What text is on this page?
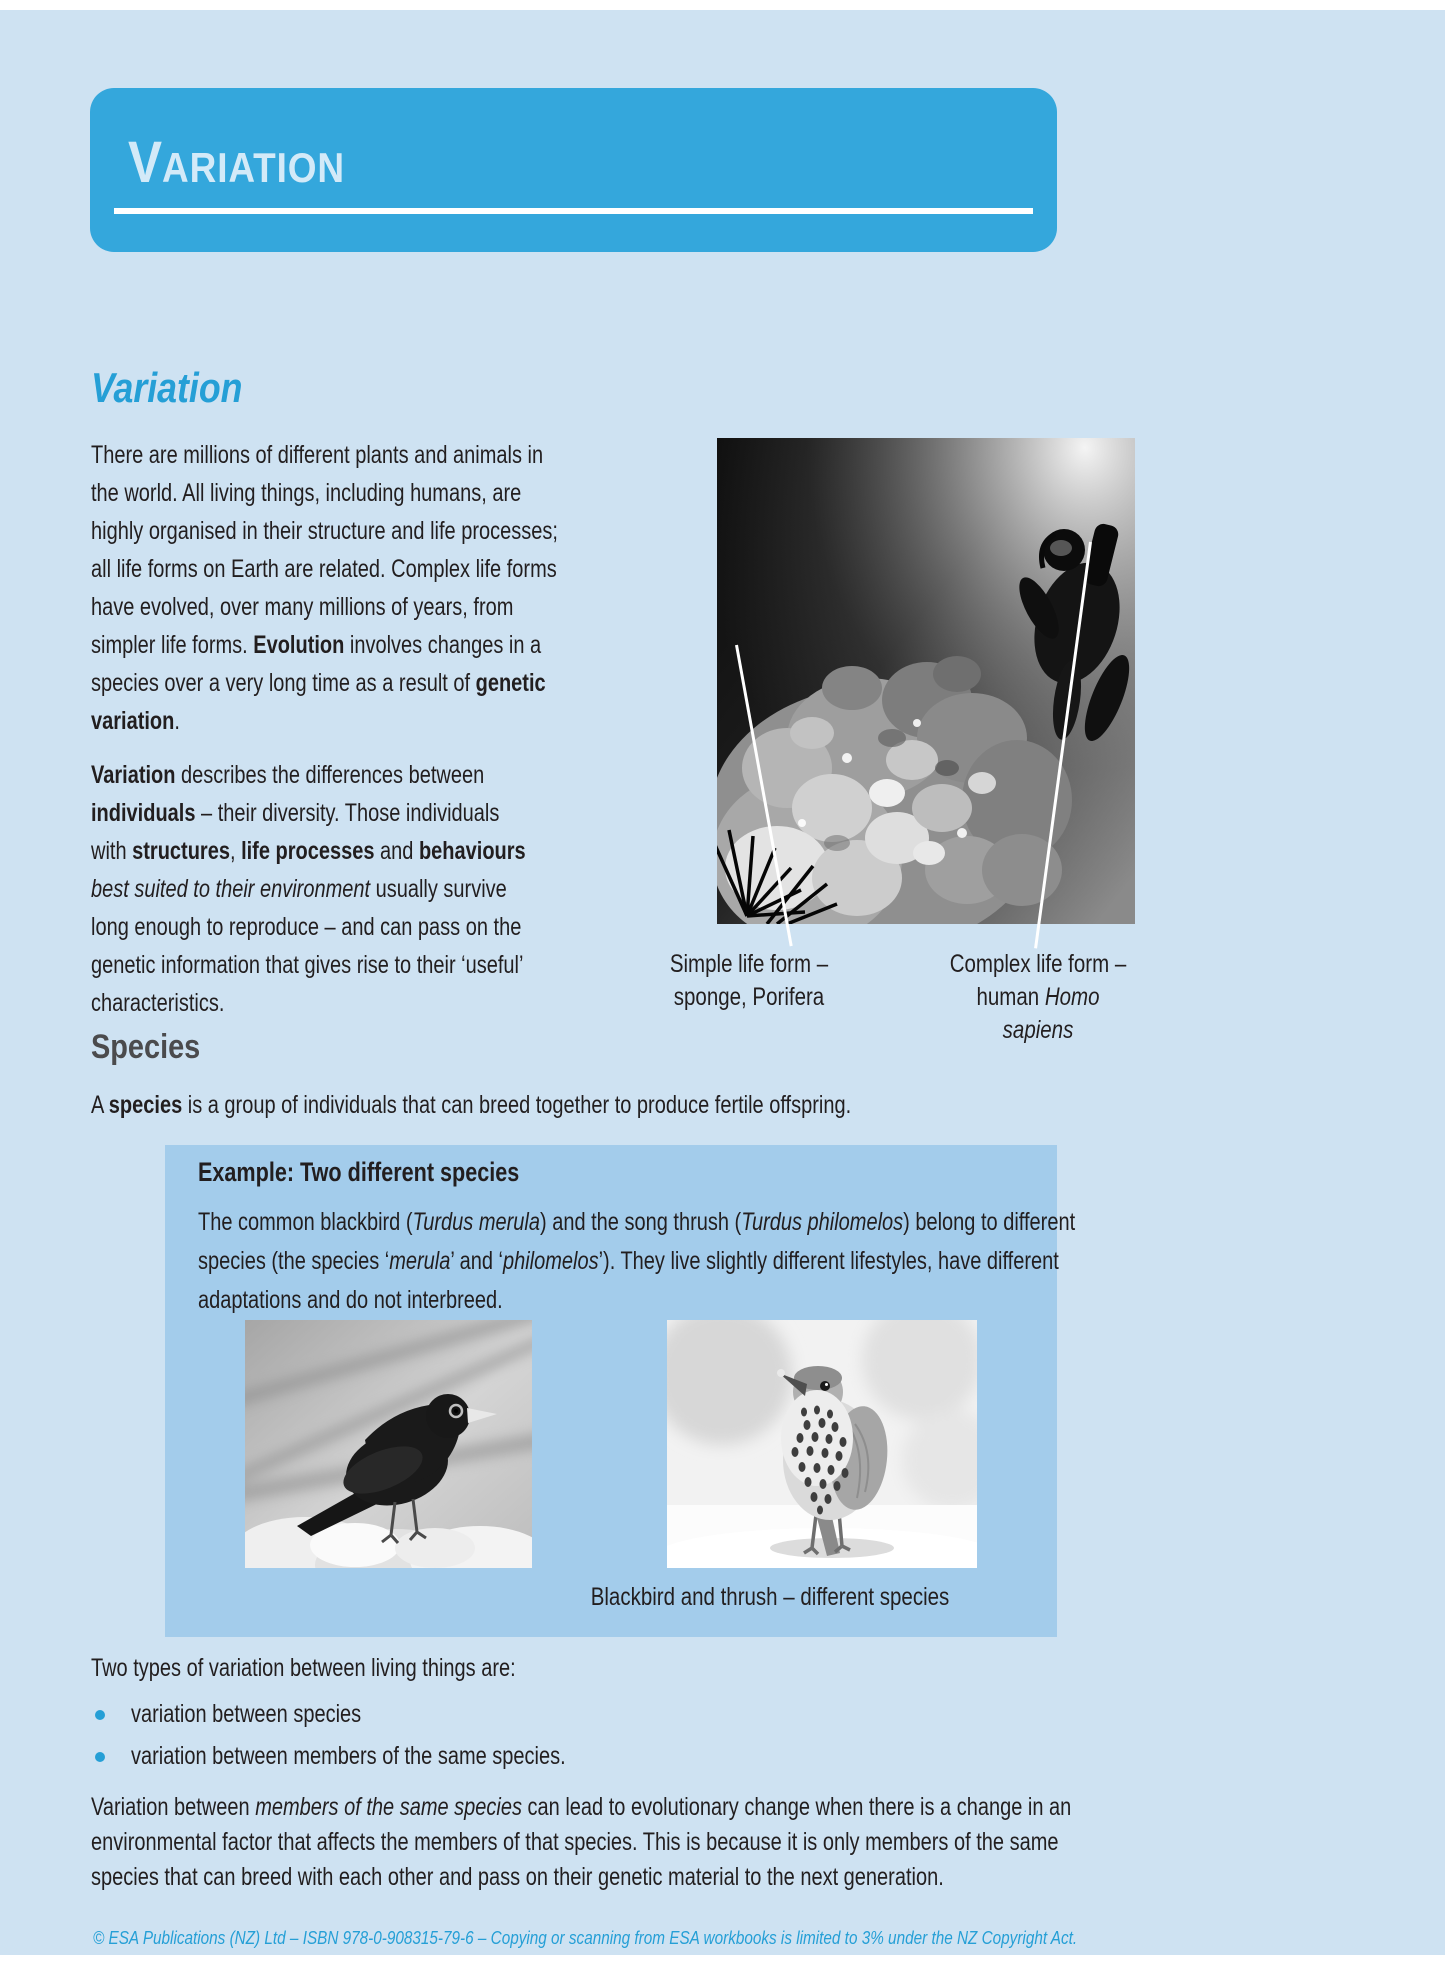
VARIATION
Variation

There are millions of different plants and animals in
the world. All living things, including humans, are
highly organised in their structure and life processes;
all life forms on Earth are related. Complex life forms
have evolved, over many millions of years, from
simpler life forms. Evolution involves changes in a
species over a very long time as a result of genetic
variation.

Variation describes the differences between
individuals – their diversity. Those individuals
with structures, life processes and behaviours
best suited to their environment usually survive
long enough to reproduce – and can pass on the
genetic information that gives rise to their ‘useful’
characteristics.

Simple life form –
sponge, Porifera
Complex life form –
human Homo sapiens
Species

A species is a group of individuals that can breed together to produce fertile offspring.

Example: Two different species

The common blackbird (Turdus merula) and the song thrush (Turdus philomelos) belong to different
species (the species ‘merula’ and ‘philomelos’). They live slightly different lifestyles, have different
adaptations and do not interbreed.

Blackbird and thrush – different species

Two types of variation between living things are:

variation between species
variation between members of the same species.

Variation between members of the same species can lead to evolutionary change when there is a change in an
environmental factor that affects the members of that species. This is because it is only members of the same
species that can breed with each other and pass on their genetic material to the next generation.

© ESA Publications (NZ) Ltd – ISBN 978-0-908315-79-6 – Copying or scanning from ESA workbooks is limited to 3% under the NZ Copyright Act.
